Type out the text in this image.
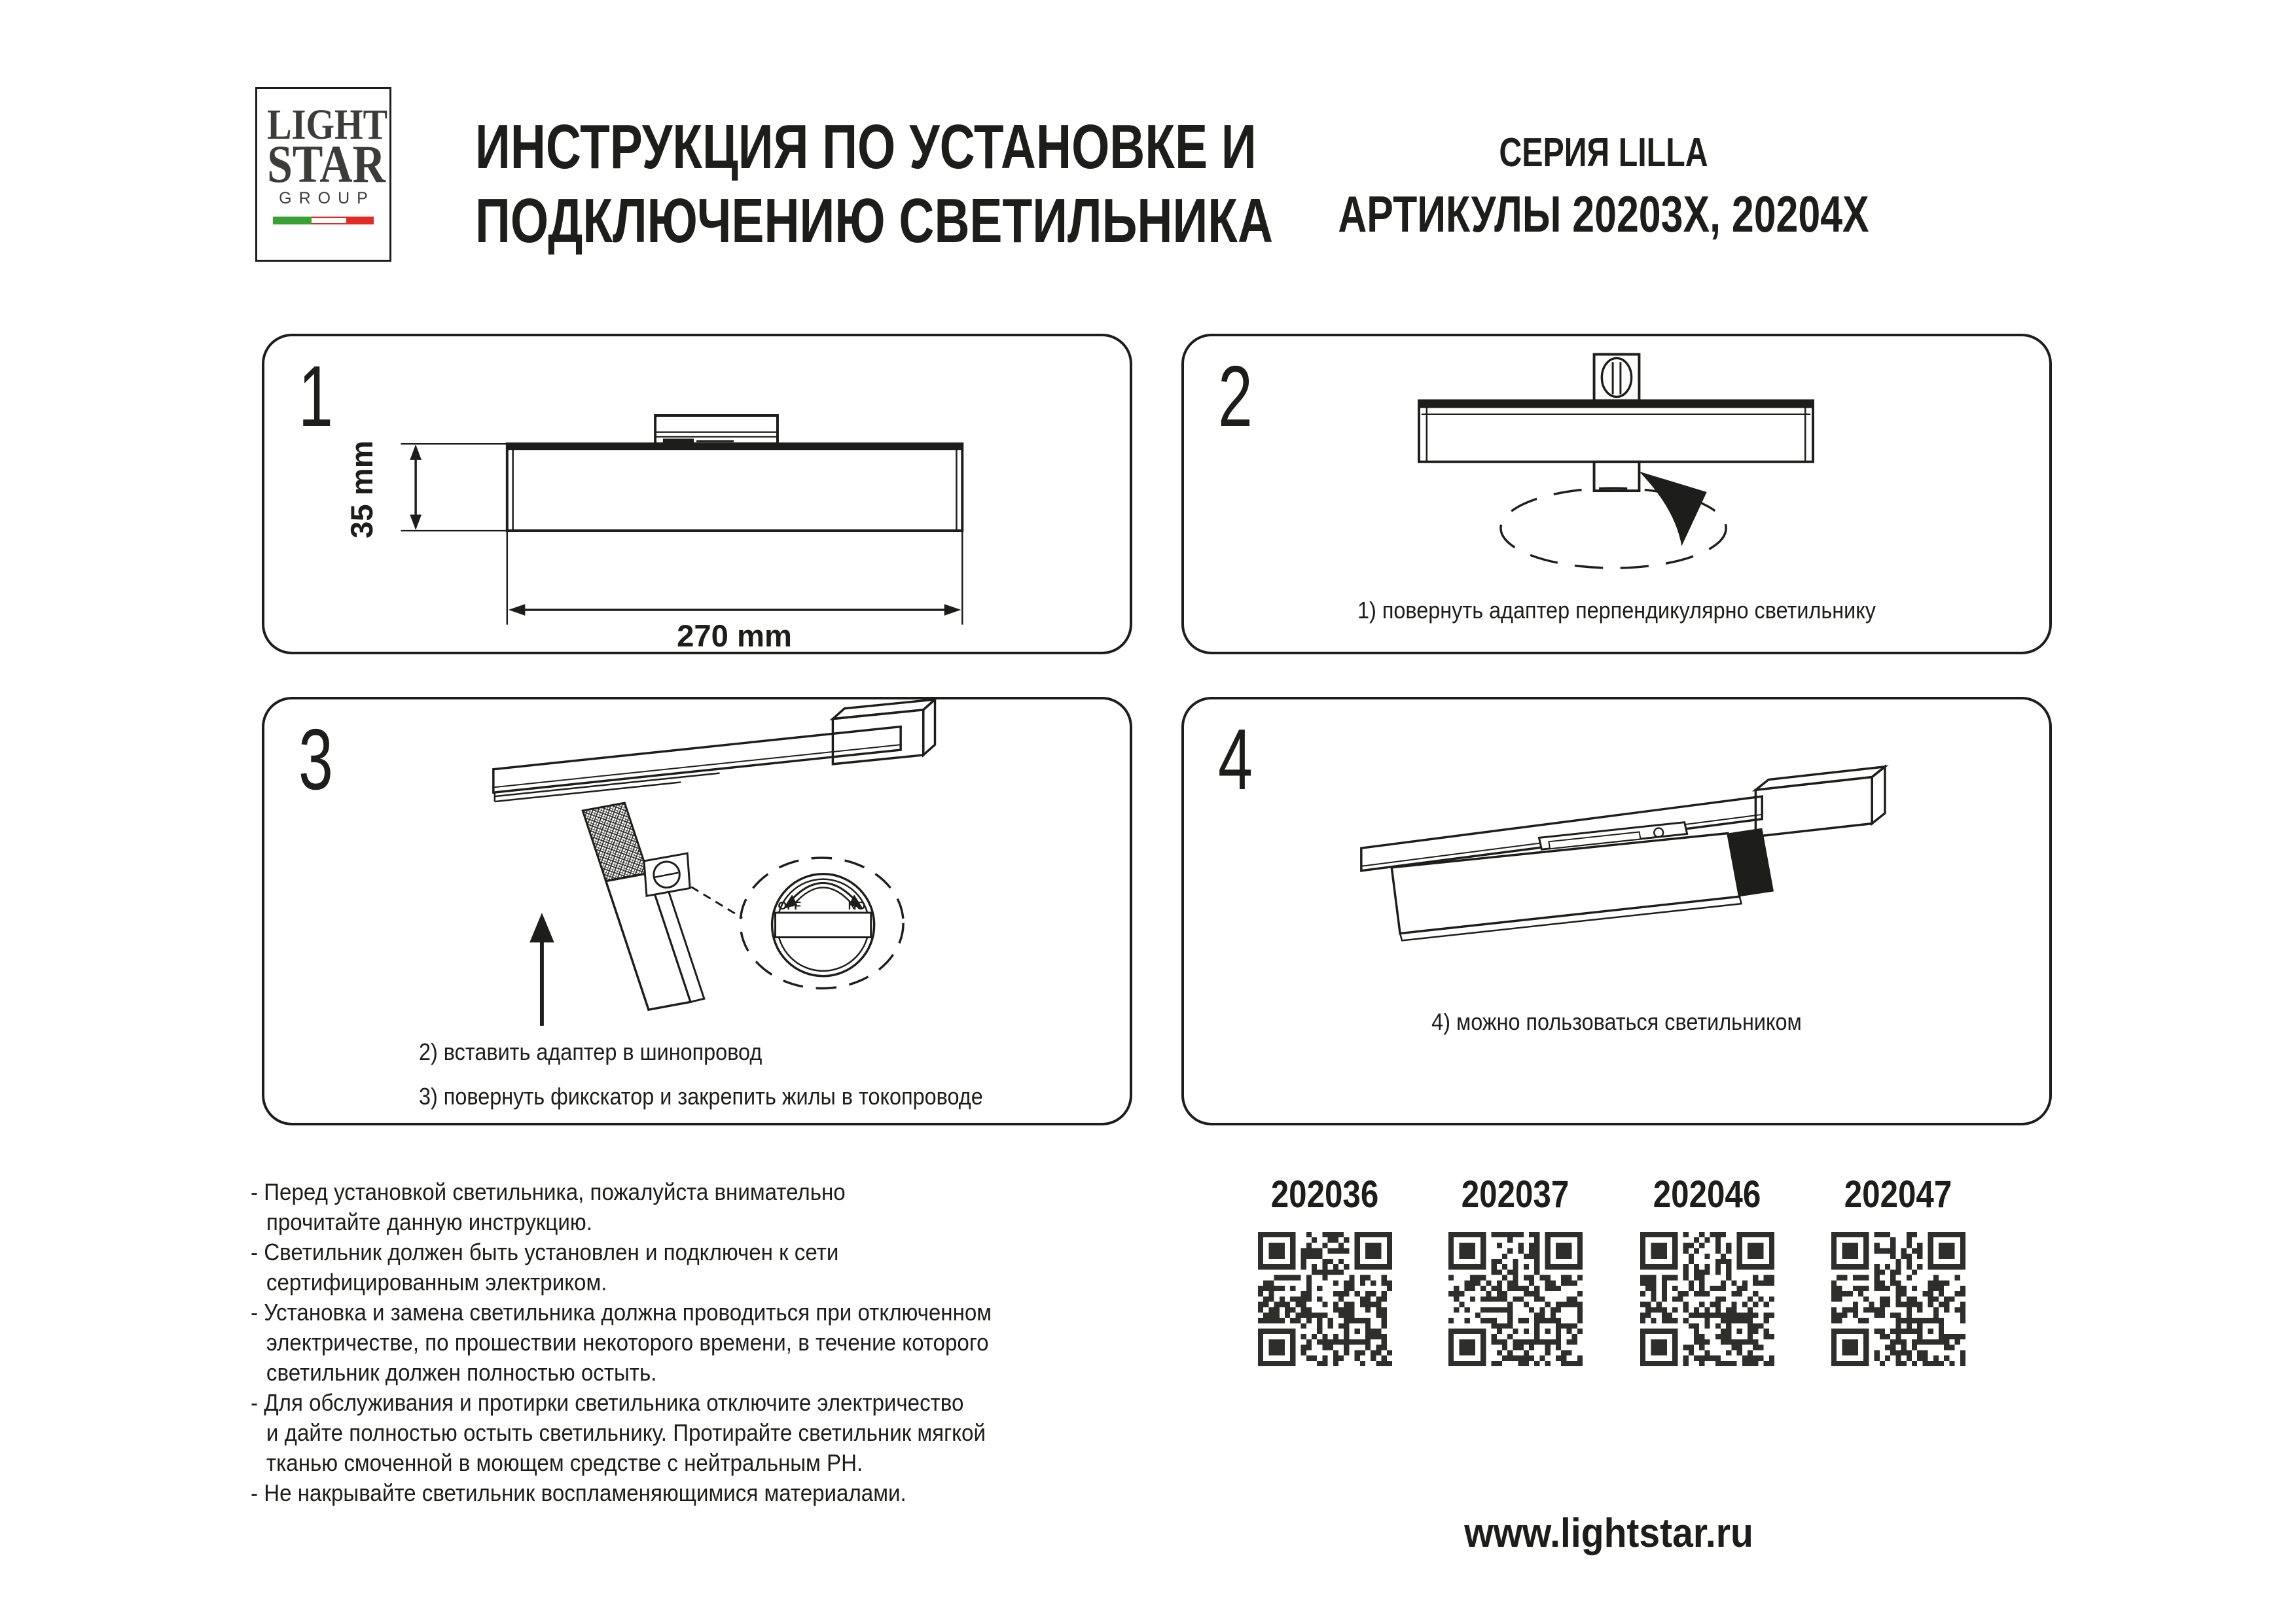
LIGHT
STAR
GROUP
ИНСТРУКЦИЯ ПО УСТАНОВКЕ И
ПОДКЛЮЧЕНИЮ СВЕТИЛЬНИКА
СЕРИЯ LILLA
АРТИКУЛЫ 20203X, 20204X
1
35 mm
270 mm
2
1) повернуть адаптер перпендикулярно светильнику
3
OFF	NO
2) вставить адаптер в шинопровод
3) повернуть фикскатор и закрепить жилы в токопроводе
4
4) можно пользоваться светильником
- Перед установкой светильника, пожалуйста внимательно
прочитайте данную инструкцию.
- Светильник должен быть установлен и подключен к сети
сертифицированным электриком.
- Установка и замена светильника должна проводиться при отключенном
электричестве, по прошествии некоторого времени, в течение которого
светильник должен полностью остыть.
- Для обслуживания и протирки светильника отключите электричество
и дайте полностью остыть светильнику. Протирайте светильник мягкой
тканью смоченной в моющем средстве с нейтральным PH.
- Не накрывайте светильник восплaменяющимися материалами.
202036	202037	202046	202047
www.lightstar.ru
